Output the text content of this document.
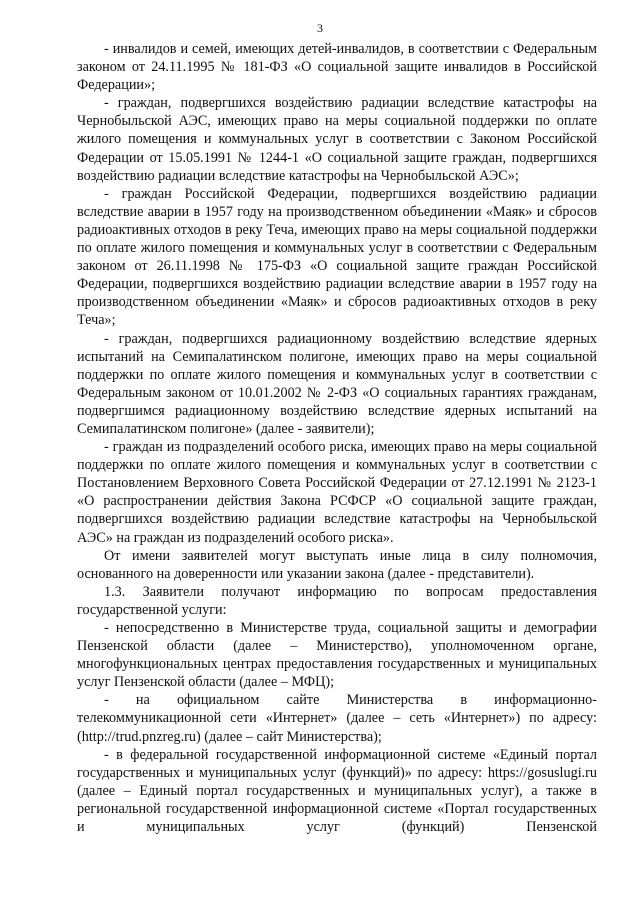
3

- инвалидов и семей, имеющих детей-инвалидов, в соответствии с Федеральным законом от 24.11.1995 № 181-ФЗ «О социальной защите инвалидов в Российской Федерации»;

- граждан, подвергшихся воздействию радиации вследствие катастрофы на Чернобыльской АЭС, имеющих право на меры социальной поддержки по оплате жилого помещения и коммунальных услуг в соответствии с Законом Российской Федерации от 15.05.1991 № 1244-1 «О социальной защите граждан, подвергшихся воздействию радиации вследствие катастрофы на Чернобыльской АЭС»;

- граждан Российской Федерации, подвергшихся воздействию радиации вследствие аварии в 1957 году на производственном объединении «Маяк» и сбросов радиоактивных отходов в реку Теча, имеющих право на меры социальной поддержки по оплате жилого помещения и коммунальных услуг в соответствии с Федеральным законом от 26.11.1998 № 175-ФЗ «О социальной защите граждан Российской Федерации, подвергшихся воздействию радиации вследствие аварии в 1957 году на производственном объединении «Маяк» и сбросов радиоактивных отходов в реку Теча»;

- граждан, подвергшихся радиационному воздействию вследствие ядерных испытаний на Семипалатинском полигоне, имеющих право на меры социальной поддержки по оплате жилого помещения и коммунальных услуг в соответствии с Федеральным законом от 10.01.2002 № 2-ФЗ «О социальных гарантиях гражданам, подвергшимся радиационному воздействию вследствие ядерных испытаний на Семипалатинском полигоне» (далее - заявители);

- граждан из подразделений особого риска, имеющих право на меры социальной поддержки по оплате жилого помещения и коммунальных услуг в соответствии с Постановлением Верховного Совета Российской Федерации от 27.12.1991 № 2123-1 «О распространении действия Закона РСФСР «О социальной защите граждан, подвергшихся воздействию радиации вследствие катастрофы на Чернобыльской АЭС» на граждан из подразделений особого риска».

От имени заявителей могут выступать иные лица в силу полномочия, основанного на доверенности или указании закона (далее - представители).

1.3. Заявители получают информацию по вопросам предоставления государственной услуги:

- непосредственно в Министерстве труда, социальной защиты и демографии Пензенской области (далее – Министерство), уполномоченном органе, многофункциональных центрах предоставления государственных и муниципальных услуг Пензенской области (далее – МФЦ);

- на официальном сайте Министерства в информационно-телекоммуникационной сети «Интернет» (далее – сеть «Интернет») по адресу: (http://trud.pnzreg.ru) (далее – сайт Министерства);

- в федеральной государственной информационной системе «Единый портал государственных и муниципальных услуг (функций)» по адресу: https://gosuslugi.ru (далее – Единый портал государственных и муниципальных услуг), а также в региональной государственной информационной системе «Портал государственных и муниципальных услуг (функций) Пензенской
